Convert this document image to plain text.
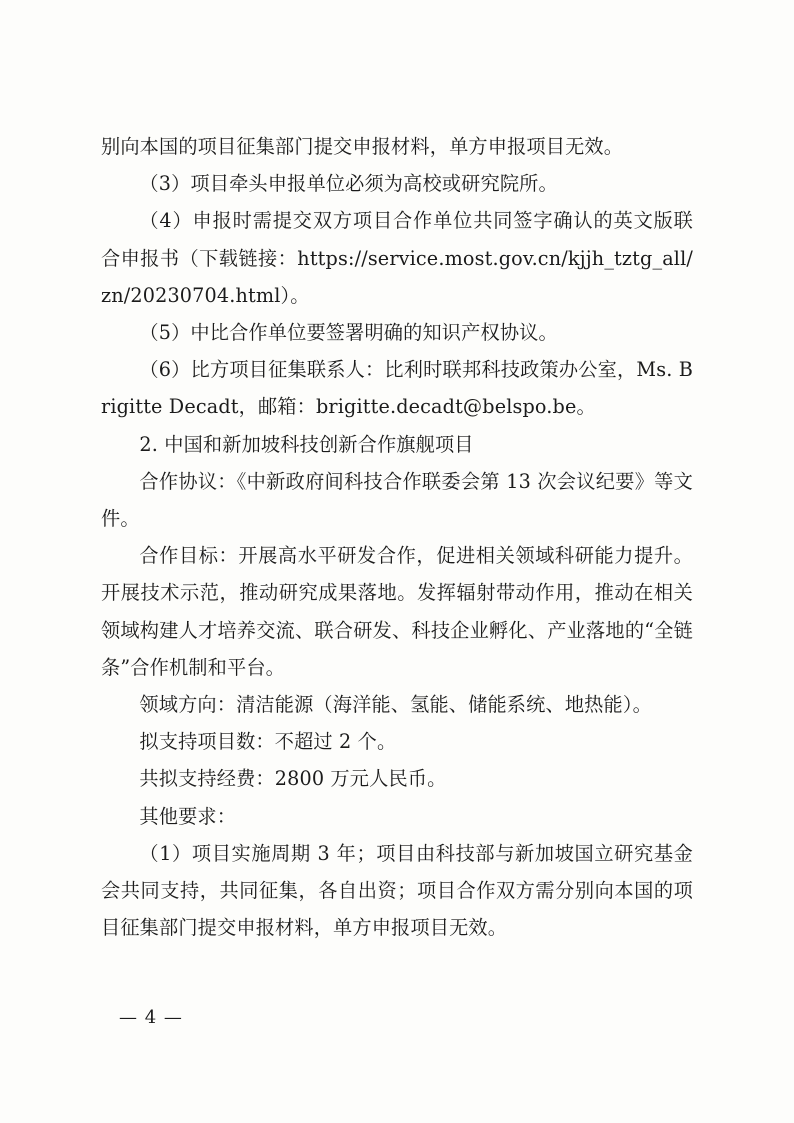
别向本国的项目征集部门提交申报材料，单方申报项目无效。

（3）项目牵头申报单位必须为高校或研究院所。

（4）申报时需提交双方项目合作单位共同签字确认的英文版联合申报书（下载链接：https://service.most.gov.cn/kjjh_tztg_all/zn/20230704.html）。

（5）中比合作单位要签署明确的知识产权协议。

（6）比方项目征集联系人：比利时联邦科技政策办公室，Ms. Brigitte Decadt，邮箱：brigitte.decadt@belspo.be。

2. 中国和新加坡科技创新合作旗舰项目

合作协议：《中新政府间科技合作联委会第 13 次会议纪要》等文件。

合作目标：开展高水平研发合作，促进相关领域科研能力提升。开展技术示范，推动研究成果落地。发挥辐射带动作用，推动在相关领域构建人才培养交流、联合研发、科技企业孵化、产业落地的“全链条”合作机制和平台。

领域方向：清洁能源（海洋能、氢能、储能系统、地热能）。

拟支持项目数：不超过 2 个。

共拟支持经费：2800 万元人民币。

其他要求：

（1）项目实施周期 3 年；项目由科技部与新加坡国立研究基金会共同支持，共同征集，各自出资；项目合作双方需分别向本国的项目征集部门提交申报材料，单方申报项目无效。

— 4 —
